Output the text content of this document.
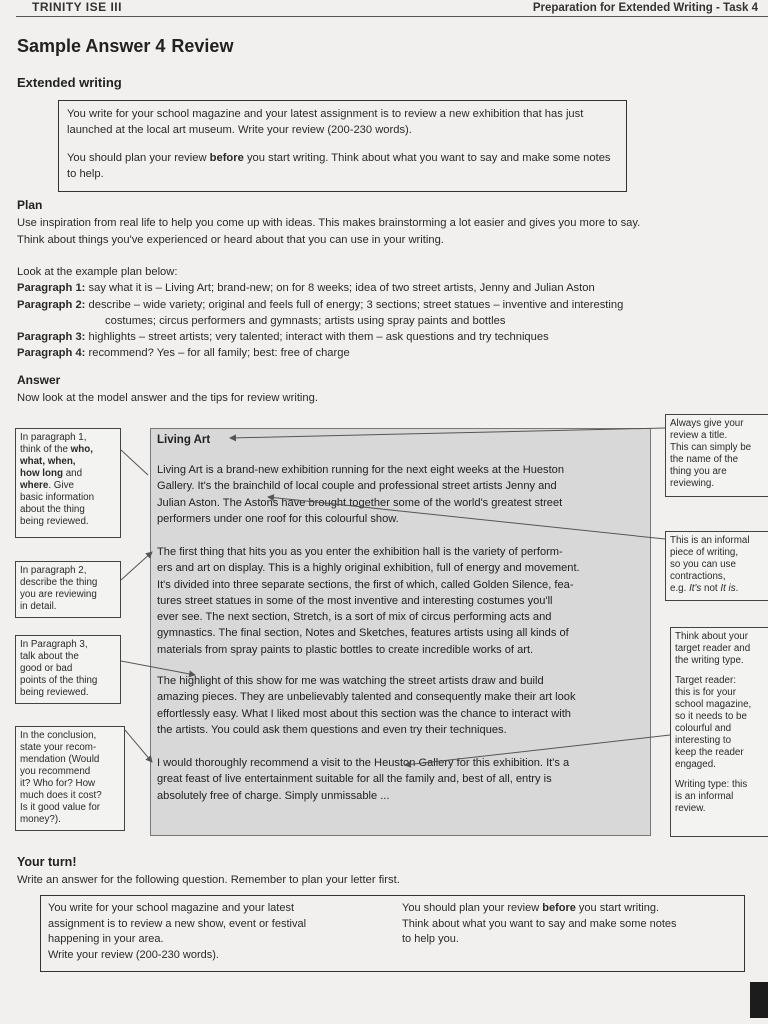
TRINITY ISE III	Preparation for Extended Writing - Task 4
Sample Answer 4 Review
Extended writing
You write for your school magazine and your latest assignment is to review a new exhibition that has just launched at the local art museum. Write your review (200-230 words).
You should plan your review before you start writing. Think about what you want to say and make some notes to help.
Plan
Use inspiration from real life to help you come up with ideas. This makes brainstorming a lot easier and gives you more to say.
Think about things you've experienced or heard about that you can use in your writing.
Look at the example plan below:
Paragraph 1: say what it is – Living Art; brand-new; on for 8 weeks; idea of two street artists, Jenny and Julian Aston
Paragraph 2: describe – wide variety; original and feels full of energy; 3 sections; street statues – inventive and interesting
costumes; circus performers and gymnasts; artists using spray paints and bottles
Paragraph 3: highlights – street artists; very talented; interact with them – ask questions and try techniques
Paragraph 4: recommend? Yes – for all family; best: free of charge
Answer
Now look at the model answer and the tips for review writing.
Living Art
Living Art is a brand-new exhibition running for the next eight weeks at the Hueston
Gallery. It's the brainchild of local couple and professional street artists Jenny and
Julian Aston. The Astons have brought together some of the world's greatest street
performers under one roof for this colourful show.
The first thing that hits you as you enter the exhibition hall is the variety of perform-
ers and art on display. This is a highly original exhibition, full of energy and movement.
It's divided into three separate sections, the first of which, called Golden Silence, fea-
tures street statues in some of the most inventive and interesting costumes you'll
ever see. The next section, Stretch, is a sort of mix of circus performing acts and
gymnastics. The final section, Notes and Sketches, features artists using all kinds of
materials from spray paints to plastic bottles to create incredible works of art.
The highlight of this show for me was watching the street artists draw and build
amazing pieces. They are unbelievably talented and consequently make their art look
effortlessly easy. What I liked most about this section was the chance to interact with
the artists. You could ask them questions and even try their techniques.
I would thoroughly recommend a visit to the Heuston Gallery for this exhibition. It's a
great feast of live entertainment suitable for all the family and, best of all, entry is
absolutely free of charge. Simply unmissable ...
In paragraph 1,
think of the who,
what, when,
how long and
where. Give
basic information
about the thing
being reviewed.
In paragraph 2,
describe the thing
you are reviewing
in detail.
In Paragraph 3,
talk about the
good or bad
points of the thing
being reviewed.
In the conclusion,
state your recom-
mendation (Would
you recommend
it? Who for? How
much does it cost?
Is it good value for
money?).
Always give your
review a title.
This can simply be
the name of the
thing you are
reviewing.
This is an informal
piece of writing,
so you can use
contractions,
e.g. It's not It is.
Think about your
target reader and
the writing type.
Target reader:
this is for your
school magazine,
so it needs to be
colourful and
interesting to
keep the reader
engaged.
Writing type: this
is an informal
review.
Your turn!
Write an answer for the following question. Remember to plan your letter first.
You write for your school magazine and your latest
assignment is to review a new show, event or festival
happening in your area.
Write your review (200-230 words).
You should plan your review before you start writing.
Think about what you want to say and make some notes
to help you.
